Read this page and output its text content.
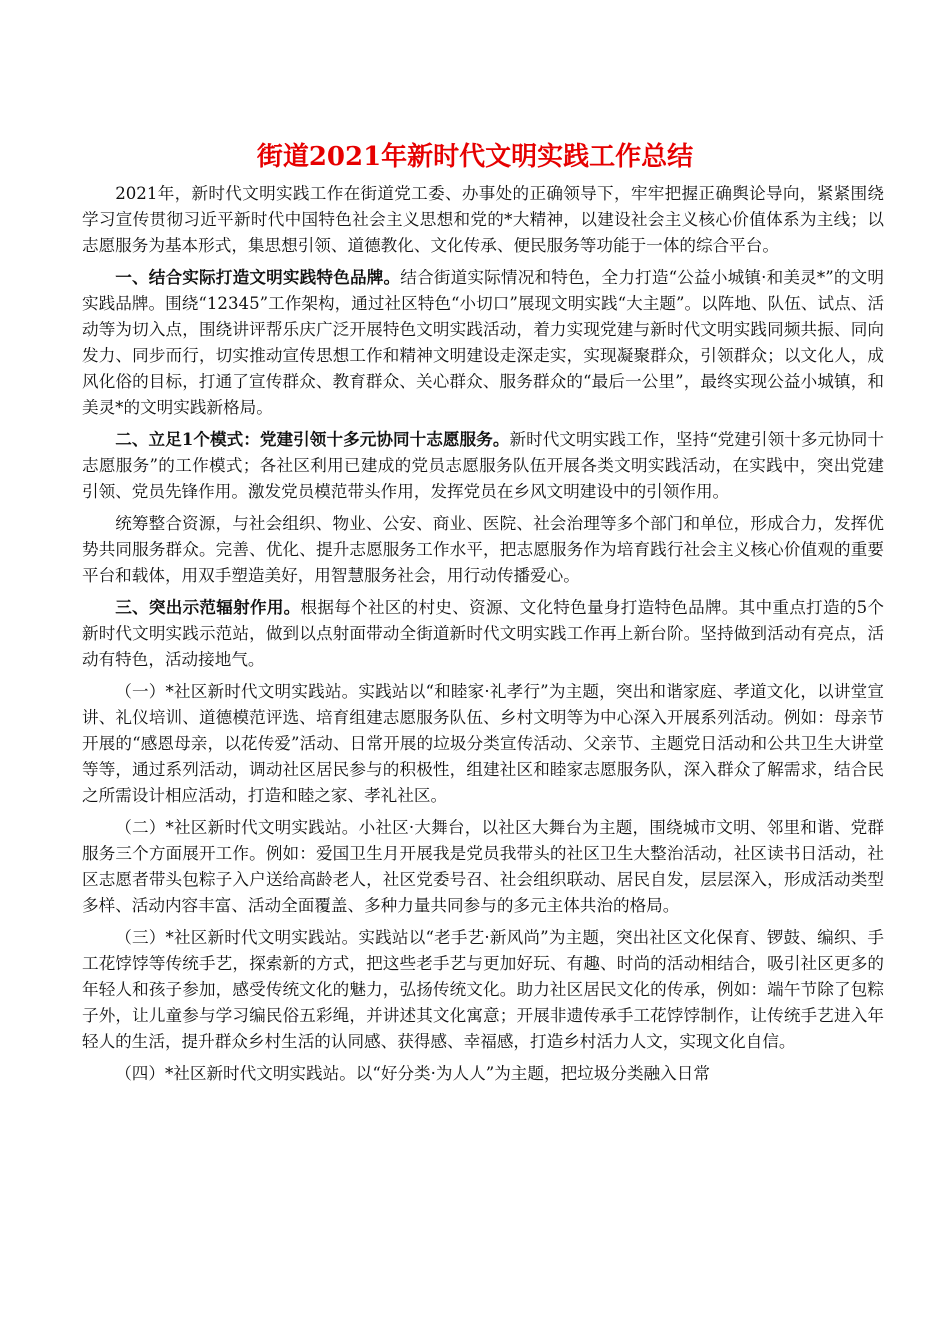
街道2021年新时代文明实践工作总结

2021年，新时代文明实践工作在街道党工委、办事处的正确领导下，牢牢把握正确舆论导向，紧紧围绕学习宣传贯彻习近平新时代中国特色社会主义思想和党的*大精神，以建设社会主义核心价值体系为主线；以志愿服务为基本形式，集思想引领、道德教化、文化传承、便民服务等功能于一体的综合平台。

一、结合实际打造文明实践特色品牌。结合街道实际情况和特色，全力打造“公益小城镇·和美灵*”的文明实践品牌。围绕“12345”工作架构，通过社区特色“小切口”展现文明实践“大主题”。以阵地、队伍、试点、活动等为切入点，围绕讲评帮乐庆广泛开展特色文明实践活动，着力实现党建与新时代文明实践同频共振、同向发力、同步而行，切实推动宣传思想工作和精神文明建设走深走实，实现凝聚群众，引领群众；以文化人，成风化俗的目标，打通了宣传群众、教育群众、关心群众、服务群众的“最后一公里”，最终实现公益小城镇，和美灵*的文明实践新格局。

二、立足1个模式：党建引领十多元协同十志愿服务。新时代文明实践工作，坚持“党建引领十多元协同十志愿服务”的工作模式；各社区利用已建成的党员志愿服务队伍开展各类文明实践活动，在实践中，突出党建引领、党员先锋作用。激发党员模范带头作用，发挥党员在乡风文明建设中的引领作用。

统筹整合资源，与社会组织、物业、公安、商业、医院、社会治理等多个部门和单位，形成合力，发挥优势共同服务群众。完善、优化、提升志愿服务工作水平，把志愿服务作为培育践行社会主义核心价值观的重要平台和载体，用双手塑造美好，用智慧服务社会，用行动传播爱心。

三、突出示范辐射作用。根据每个社区的村史、资源、文化特色量身打造特色品牌。其中重点打造的5个新时代文明实践示范站，做到以点射面带动全街道新时代文明实践工作再上新台阶。坚持做到活动有亮点，活动有特色，活动接地气。

（一）*社区新时代文明实践站。实践站以“和睦家·礼孝行”为主题，突出和谐家庭、孝道文化，以讲堂宣讲、礼仪培训、道德模范评选、培育组建志愿服务队伍、乡村文明等为中心深入开展系列活动。例如：母亲节开展的“感恩母亲，以花传爱”活动、日常开展的垃圾分类宣传活动、父亲节、主题党日活动和公共卫生大讲堂等等，通过系列活动，调动社区居民参与的积极性，组建社区和睦家志愿服务队，深入群众了解需求，结合民之所需设计相应活动，打造和睦之家、孝礼社区。

（二）*社区新时代文明实践站。小社区·大舞台，以社区大舞台为主题，围绕城市文明、邻里和谐、党群服务三个方面展开工作。例如：爱国卫生月开展我是党员我带头的社区卫生大整治活动，社区读书日活动，社区志愿者带头包粽子入户送给高龄老人，社区党委号召、社会组织联动、居民自发，层层深入，形成活动类型多样、活动内容丰富、活动全面覆盖、多种力量共同参与的多元主体共治的格局。

（三）*社区新时代文明实践站。实践站以“老手艺·新风尚”为主题，突出社区文化保育、锣鼓、编织、手工花饽饽等传统手艺，探索新的方式，把这些老手艺与更加好玩、有趣、时尚的活动相结合，吸引社区更多的年轻人和孩子参加，感受传统文化的魅力，弘扬传统文化。助力社区居民文化的传承，例如：端午节除了包粽子外，让儿童参与学习编民俗五彩绳，并讲述其文化寓意；开展非遗传承手工花饽饽制作，让传统手艺进入年轻人的生活，提升群众乡村生活的认同感、获得感、幸福感，打造乡村活力人文，实现文化自信。

（四）*社区新时代文明实践站。以“好分类·为人人”为主题，把垃圾分类融入日常
